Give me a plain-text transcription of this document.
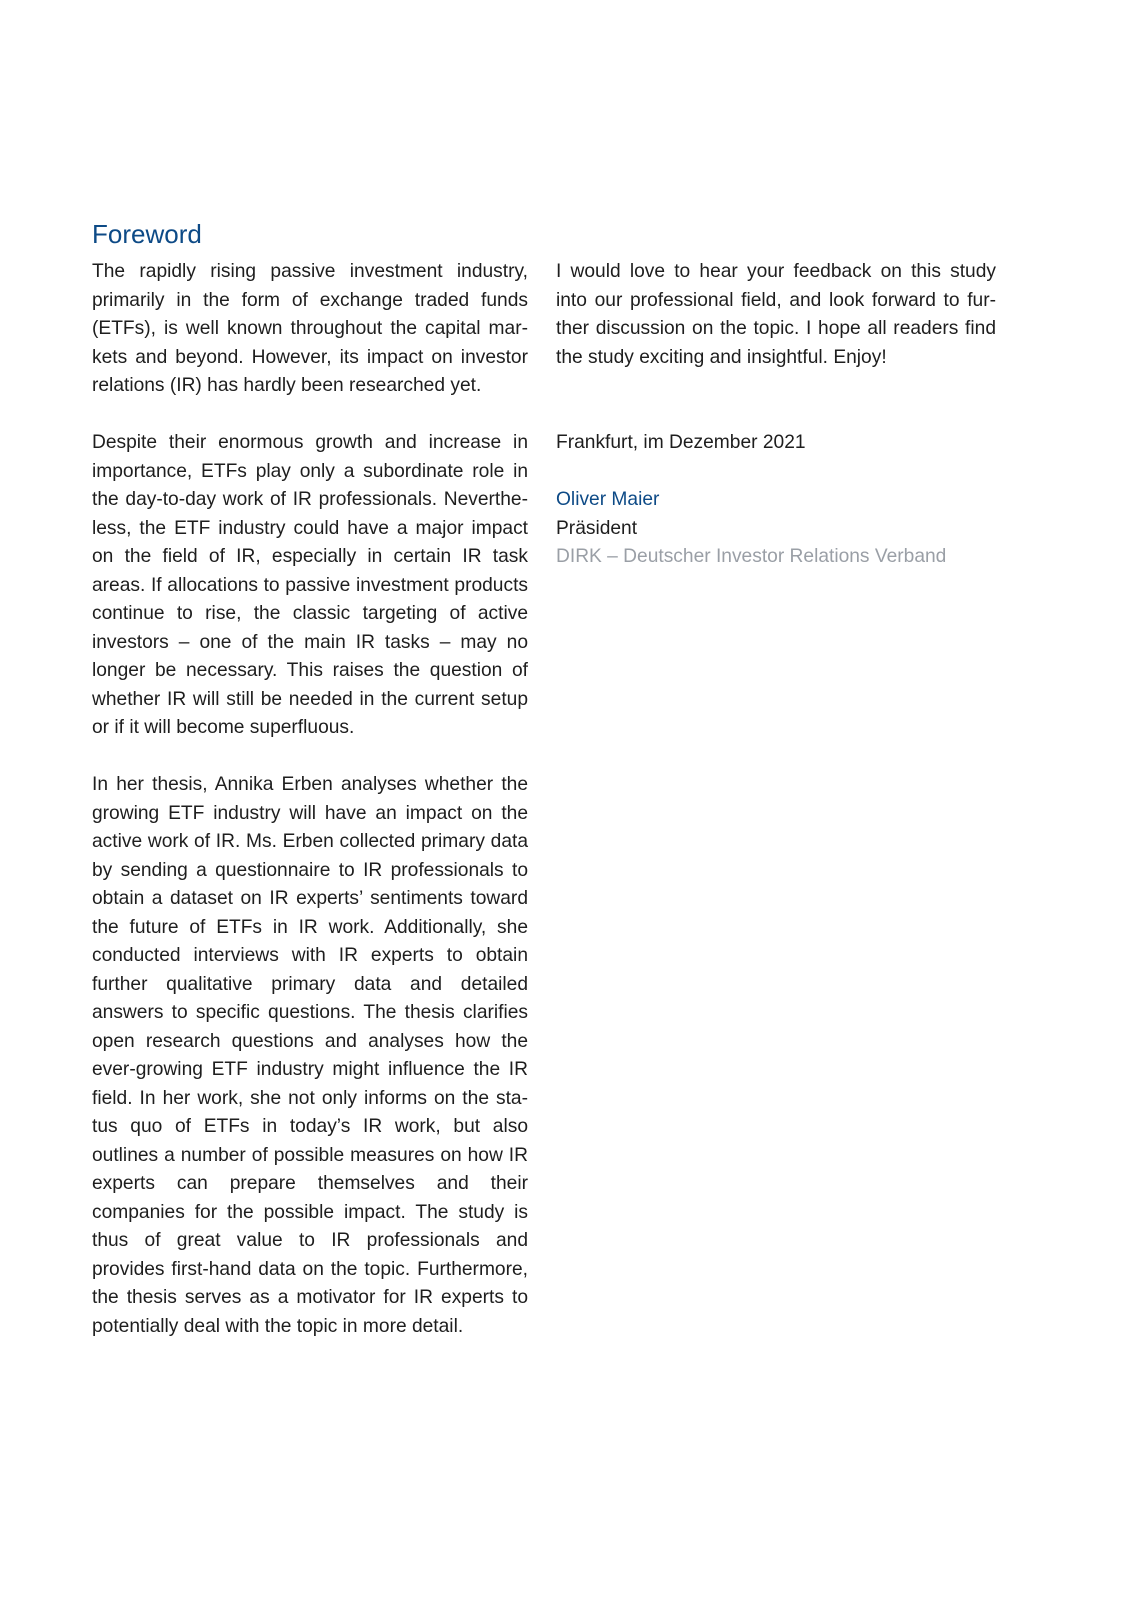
Foreword

The rapidly rising passive investment industry, primarily in the form of exchange traded funds (ETFs), is well known throughout the capital markets and beyond. However, its impact on investor relations (IR) has hardly been researched yet.

Despite their enormous growth and increase in importance, ETFs play only a subordinate role in the day-to-day work of IR professionals. Nevertheless, the ETF industry could have a major impact on the field of IR, especially in certain IR task areas. If allocations to passive investment products continue to rise, the classic targeting of active investors – one of the main IR tasks – may no longer be necessary. This raises the question of whether IR will still be needed in the current setup or if it will become superfluous.

In her thesis, Annika Erben analyses whether the growing ETF industry will have an impact on the active work of IR. Ms. Erben collected primary data by sending a questionnaire to IR professionals to obtain a dataset on IR experts’ sentiments toward the future of ETFs in IR work. Additionally, she conducted interviews with IR experts to obtain further qualitative primary data and detailed answers to specific questions. The thesis clarifies open research questions and analyses how the ever-growing ETF industry might influence the IR field. In her work, she not only informs on the status quo of ETFs in today’s IR work, but also outlines a number of possible measures on how IR experts can prepare themselves and their companies for the possible impact. The study is thus of great value to IR professionals and provides first-hand data on the topic. Furthermore, the thesis serves as a motivator for IR experts to potentially deal with the topic in more detail.

I would love to hear your feedback on this study into our professional field, and look forward to further discussion on the topic. I hope all readers find the study exciting and insightful. Enjoy!

Frankfurt, im Dezember 2021

Oliver Maier
Präsident
DIRK – Deutscher Investor Relations Verband
